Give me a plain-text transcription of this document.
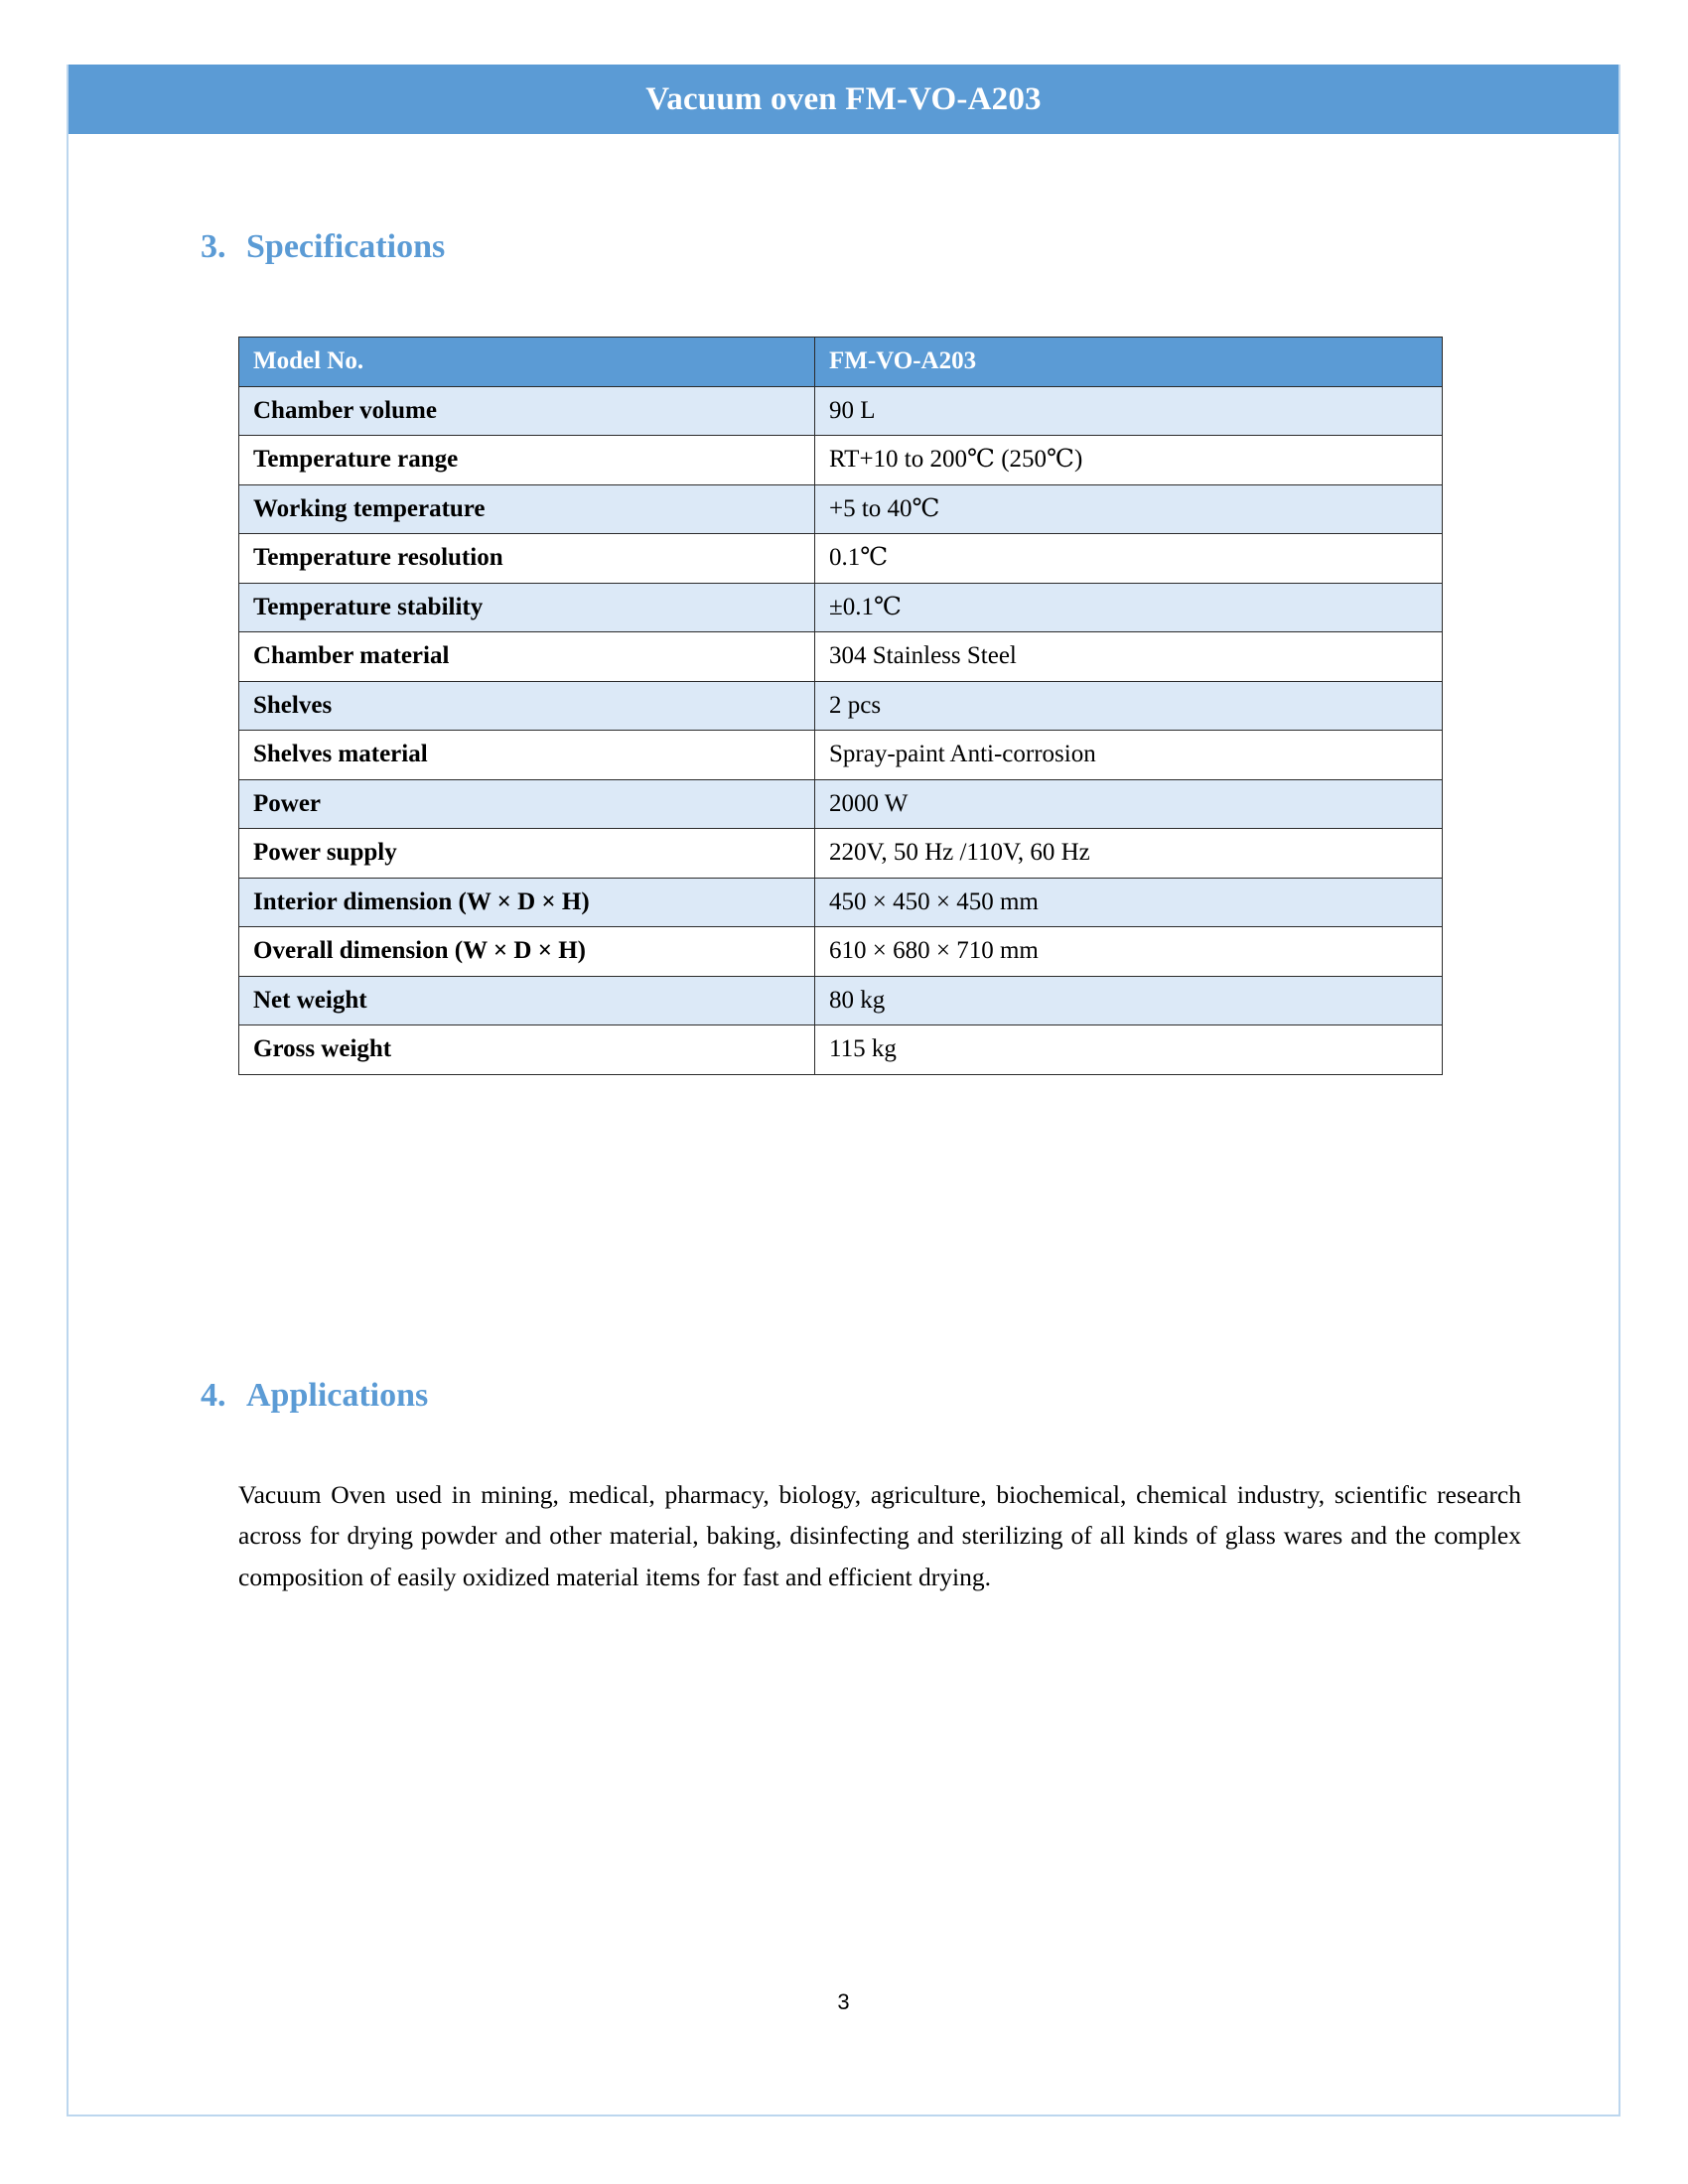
Vacuum oven FM-VO-A203
3. Specifications
Model No.	FM-VO-A203
Chamber volume	90 L
Temperature range	RT+10 to 200℃ (250℃)
Working temperature	+5 to 40℃
Temperature resolution	0.1℃
Temperature stability	±0.1℃
Chamber material	304 Stainless Steel
Shelves	2 pcs
Shelves material	Spray-paint Anti-corrosion
Power	2000 W
Power supply	220V, 50 Hz /110V, 60 Hz
Interior dimension (W × D × H)	450 × 450 × 450 mm
Overall dimension (W × D × H)	610 × 680 × 710 mm
Net weight	80 kg
Gross weight	115 kg
4. Applications

Vacuum Oven used in mining, medical, pharmacy, biology, agriculture, biochemical, chemical industry, scientific research across for drying powder and other material, baking, disinfecting and sterilizing of all kinds of glass wares and the complex composition of easily oxidized material items for fast and efficient drying.

3
